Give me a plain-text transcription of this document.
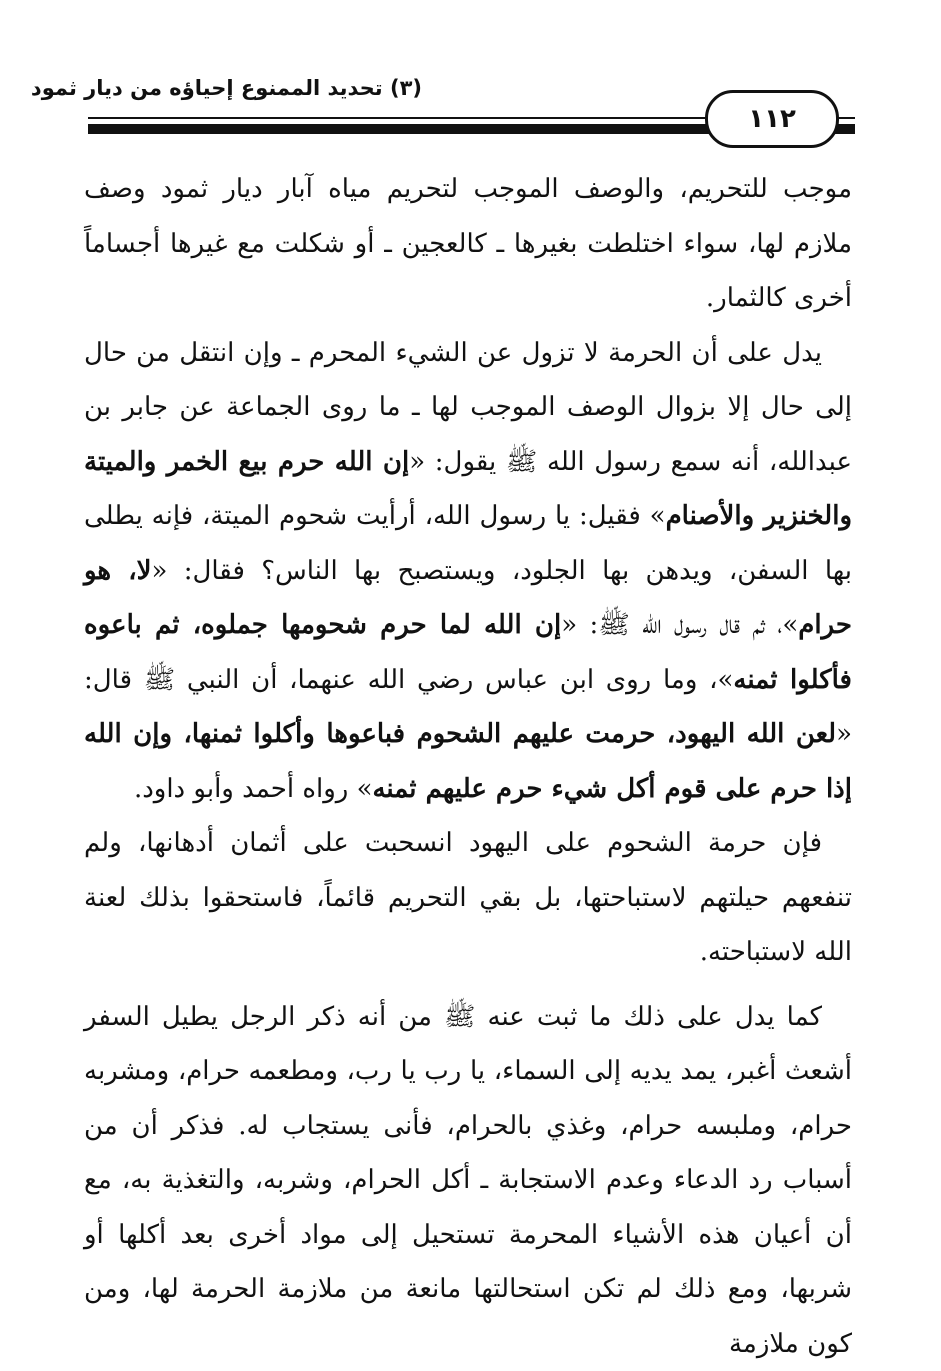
(٣) تحديد الممنوع إحياؤه من ديار ثمود
١١٢

موجب للتحريم، والوصف الموجب لتحريم مياه آبار ديار ثمود وصف ملازم لها، سواء اختلطت بغيرها ـ كالعجين ـ أو شكلت مع غيرها أجساماً أخرى كالثمار.

يدل على أن الحرمة لا تزول عن الشيء المحرم ـ وإن انتقل من حال إلى حال إلا بزوال الوصف الموجب لها ـ ما روى الجماعة عن جابر بن عبدالله، أنه سمع رسول الله ﷺ يقول: «إن الله حرم بيع الخمر والميتة والخنزير والأصنام» فقيل: يا رسول الله، أرأيت شحوم الميتة، فإنه يطلى بها السفن، ويدهن بها الجلود، ويستصبح بها الناس؟ فقال: «لا، هو حرام»، ثم قال رسول الله ﷺ: «إن الله لما حرم شحومها جملوه، ثم باعوه فأكلوا ثمنه»، وما روى ابن عباس رضي الله عنهما، أن النبي ﷺ قال: «لعن الله اليهود، حرمت عليهم الشحوم فباعوها وأكلوا ثمنها، وإن الله إذا حرم على قوم أكل شيء حرم عليهم ثمنه» رواه أحمد وأبو داود.

فإن حرمة الشحوم على اليهود انسحبت على أثمان أدهانها، ولم تنفعهم حيلتهم لاستباحتها، بل بقي التحريم قائماً، فاستحقوا بذلك لعنة الله لاستباحته.

كما يدل على ذلك ما ثبت عنه ﷺ من أنه ذكر الرجل يطيل السفر أشعث أغبر، يمد يديه إلى السماء، يا رب يا رب، ومطعمه حرام، ومشربه حرام، وملبسه حرام، وغذي بالحرام، فأنى يستجاب له. فذكر أن من أسباب رد الدعاء وعدم الاستجابة ـ أكل الحرام، وشربه، والتغذية به، مع أن أعيان هذه الأشياء المحرمة تستحيل إلى مواد أخرى بعد أكلها أو شربها، ومع ذلك لم تكن استحالتها مانعة من ملازمة الحرمة لها، ومن كون ملازمة
